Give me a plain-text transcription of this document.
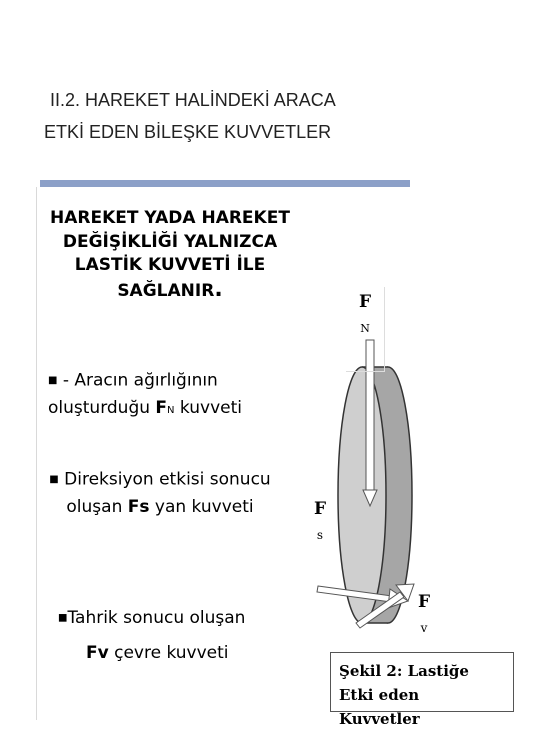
II.2. HAREKET HALİNDEKİ ARACA
ETKİ EDEN BİLEŞKE KUVVETLER
HAREKET YADA HAREKET DEĞİŞİKLİĞİ YALNIZCA LASTİK KUVVETİ İLE SAĞLANIR.
■ - Aracın ağırlığının oluşturduğu FN kuvveti
■ Direksiyon etkisi sonucu oluşan Fs yan kuvveti
■Tahrik sonucu oluşan
Fv çevre kuvveti
F
N
F
s
F
v
Şekil 2: Lastiğe Etki eden Kuvvetler
